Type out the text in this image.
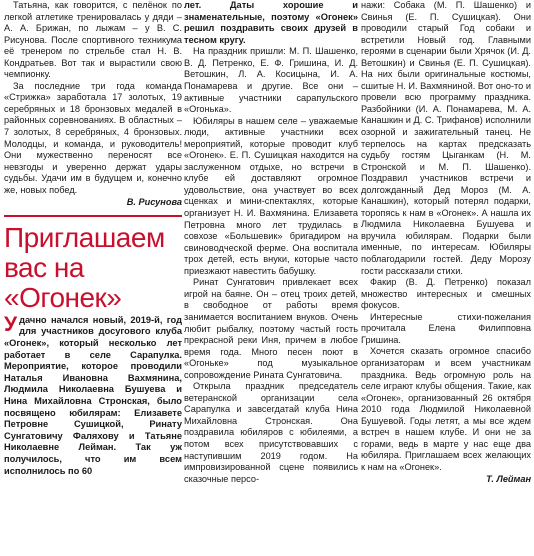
Татьяна, как говорится, с пелёнок по легкой атлетике тренировалась у дяди – А. А. Брижан, по лыжам – у В. С. Рисунова. После спортивного техникума её тренером по стрельбе стал Н. В. Кондратьев. Вот так и вырастили свою чемпионку.

За последние три года команда «Стрижка» заработала 17 золотых, 19 серебряных и 18 бронзовых медалей в районных соревнованиях. В областных – 7 золотых, 8 серебряных, 4 бронзовых. Молодцы, и команда, и руководитель! Они мужественно переносят все невзгоды и уверенно держат удары судьбы. Удачи им в будущем и, конечно же, новых побед.

В. Рисунова

Приглашаем вас на «Огонек»

Удачно начался новый, 2019-й, год для участников досугового клуба «Огонек», который несколько лет работает в селе Сарапулка. Мероприятие, которое проводили Наталья Ивановна Вахмянина, Людмила Николаевна Бушуева и Нина Михайловна Стронская, было посвящено юбилярам: Елизавете Петровне Сушицкой, Ринату Сунгатовичу Фаляхову и Татьяне Николаевне Лейман. Так уж получилось, что им всем исполнилось по 60

лет. Даты хорошие и знаменательные, поэтому «Огонек» решил поздравить своих друзей в тесном кругу.

На праздник пришли: М. П. Шашенко, В. Д. Петренко, Е. Ф. Гришина, И. Д. Ветошкин, Л. А. Косицына, И. А. Понамарева и другие. Все они – активные участники сарапульского «Огонька».

Юбиляры в нашем селе – уважаемые люди, активные участники всех мероприятий, которые проводит клуб «Огонек». Е. П. Сушицкая находится на заслуженном отдыхе, но встречи в клубе ей доставляют огромное удовольствие, она участвует во всех сценках и мини-спектаклях, которые организует Н. И. Вахмянина. Елизавета Петровна много лет трудилась в совхозе «Большевик» бригадиром на свиноводческой ферме. Она воспитала трох детей, есть внуки, которые часто приезжают навестить бабушку.

Ринат Сунгатович привлекает всех игрой на баяне. Он – отец троих детей, в свободное от работы время занимается воспитанием внуков. Очень любит рыбалку, поэтому частый гость прекрасной реки Иня, причем в любое время года. Много песен поют в «Огоньке» под музыкальное сопровождение Рината Сунгатовича.

Открыла праздник председатель ветеранской организации села Сарапулка и завсегдатай клуба Нина Михайловна Стронская. Она поздравила юбиляров с юбилеями, а потом всех присутствовавших с наступившим 2019 годом. На импровизированной сцене появились сказочные персо-

нажи: Собака (М. П. Шашенко) и Свинья (Е. П. Сушицкая). Они проводили старый Год собаки и встретили Новый год. Главными героями в сценарии были Хрячок (И. Д. Ветошкин) и Свинья (Е. П. Сушицкая). На них были оригинальные костюмы, сшитые Н. И. Вахмяниной. Вот оно-то и провели всю программу праздника. Разбойники (И. А. Понамарева, М. А. Канашкин и Д. С. Трифанов) исполнили озорной и зажигательный танец. Не терпелось на картах предсказать судьбу гостям Цыганкам (Н. М. Стронской и М. П. Шашенко). Поздравил участников встречи и долгожданный Дед Мороз (М. А. Канашкин), который потерял подарки, торопясь к нам в «Огонек». А нашла их Людмила Николаевна Бушуева и вручила юбилярам. Подарки были именные, по интересам. Юбиляры поблагодарили гостей. Деду Морозу гости рассказали стихи.

Факир (В. Д. Петренко) показал множество интересных и смешных фокусов.

Интересные стихи-пожелания прочитала Елена Филипповна Гришина.

Хочется сказать огромное спасибо организаторам и всем участникам праздника. Ведь огромную роль на селе играют клубы общения. Такие, как «Огонек», организованный 26 октября 2010 года Людмилой Николаевной Бушуевой. Годы летят, а мы все ждем встреч в нашем клубе. И они не за горами, ведь в марте у нас еще два юбиляра. Приглашаем всех желающих к нам на «Огонек».

Т. Лейман
